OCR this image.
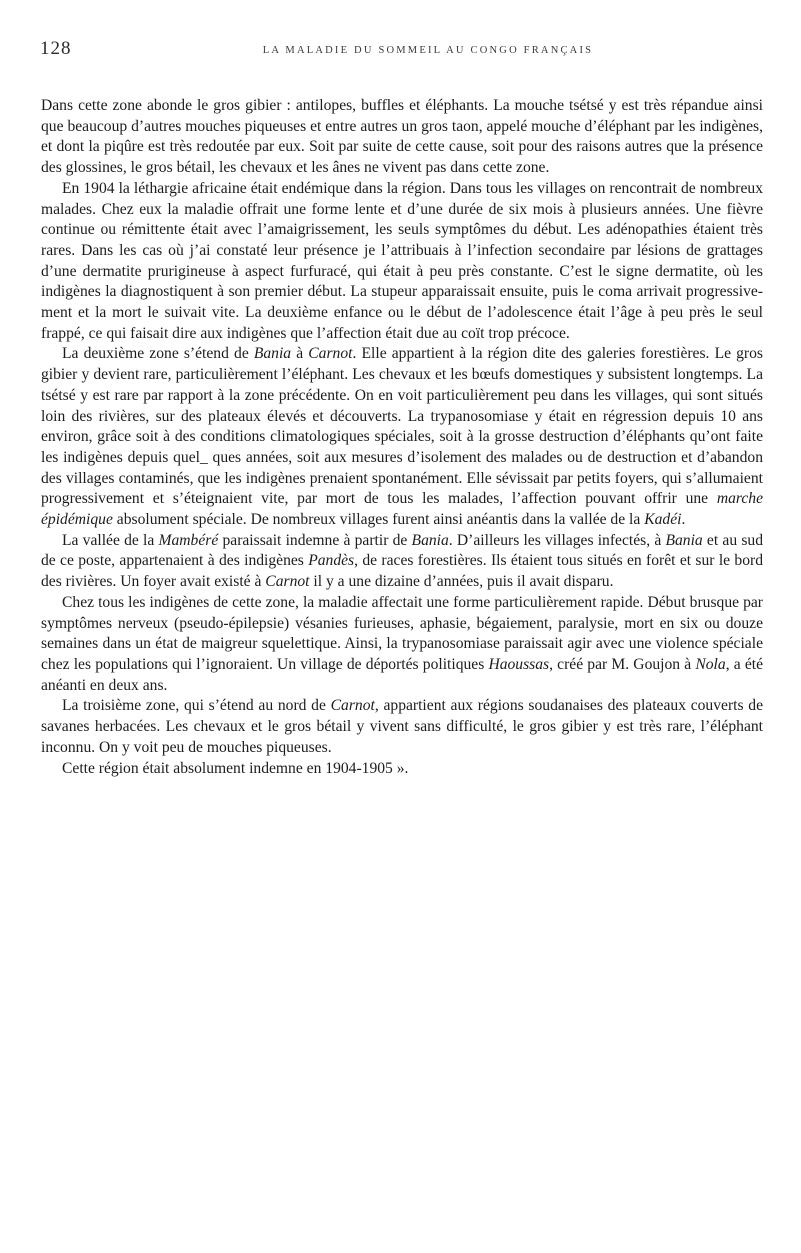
128	LA MALADIE DU SOMMEIL AU CONGO FRANÇAIS

Dans cette zone abonde le gros gibier : antilopes, buffles et éléphants. La mouche tsétsé y est très répandue ainsi que beaucoup d’autres mouches piqueuses et entre autres un gros taon, appelé mouche d’éléphant par les indigènes, et dont la piqûre est très redoutée par eux. Soit par suite de cette cause, soit pour des raisons autres que la présence des glossines, le gros bétail, les chevaux et les ânes ne vivent pas dans cette zone.

En 1904 la léthargie africaine était endémique dans la région. Dans tous les villages on rencontrait de nombreux malades. Chez eux la maladie offrait une forme lente et d’une durée de six mois à plusieurs années. Une fièvre continue ou rémittente était avec l’amaigrissement, les seuls symptômes du début. Les adénopathies étaient très rares. Dans les cas où j’ai constaté leur présence je l’attribuais à l’infection secondaire par lésions de grattages d’une dermatite prurigineuse à aspect furfuracé, qui était à peu près constante. C’est le signe dermatite, où les indigènes la diagnostiquent à son premier début. La stupeur apparaissait ensuite, puis le coma arrivait progressivement et la mort le suivait vite. La deuxième enfance ou le début de l’adolescence était l’âge à peu près le seul frappé, ce qui faisait dire aux indigènes que l’affection était due au coït trop précoce.

La deuxième zone s’étend de Bania à Carnot. Elle appartient à la région dite des galeries forestières. Le gros gibier y devient rare, particulièrement l’éléphant. Les chevaux et les bœufs domestiques y subsistent longtemps. La tsétsé y est rare par rapport à la zone précédente. On en voit particulièrement peu dans les villages, qui sont situés loin des rivières, sur des plateaux élevés et découverts. La trypanosomiase y était en régression depuis 10 ans environ, grâce soit à des conditions climatologiques spéciales, soit à la grosse destruction d’éléphants qu’ont faite les indigènes depuis quel_ ques années, soit aux mesures d’isolement des malades ou de destruction et d’abandon des villages contaminés, que les indigènes prenaient spontanément. Elle sévissait par petits foyers, qui s’allumaient progressivement et s’éteignaient vite, par mort de tous les malades, l’affection pouvant offrir une marche épidémique absolument spéciale. De nombreux villages furent ainsi anéantis dans la vallée de la Kadéi.

La vallée de la Mambéré paraissait indemne à partir de Bania. D’ailleurs les villages infectés, à Bania et au sud de ce poste, appartenaient à des indigènes Pandès, de races forestières. Ils étaient tous situés en forêt et sur le bord des rivières. Un foyer avait existé à Carnot il y a une dizaine d’années, puis il avait disparu.

Chez tous les indigènes de cette zone, la maladie affectait une forme particulièrement rapide. Début brusque par symptômes nerveux (pseudo-épilepsie) vésanies furieuses, aphasie, bégaiement, paralysie, mort en six ou douze semaines dans un état de maigreur squelettique. Ainsi, la trypanosomiase paraissait agir avec une violence spéciale chez les populations qui l’ignoraient. Un village de déportés politiques Haoussas, créé par M. Goujon à Nola, a été anéanti en deux ans.

La troisième zone, qui s’étend au nord de Carnot, appartient aux régions soudanaises des plateaux couverts de savanes herbacées. Les chevaux et le gros bétail y vivent sans difficulté, le gros gibier y est très rare, l’éléphant inconnu. On y voit peu de mouches piqueuses.

Cette région était absolument indemne en 1904-1905 ».
